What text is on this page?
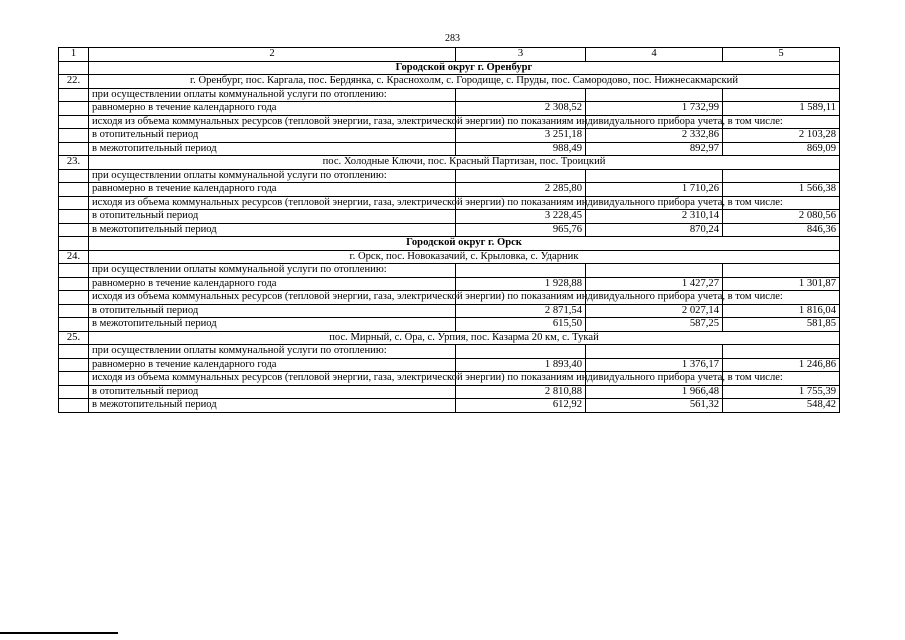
283
1	2	3	4	5
	Городской округ г. Оренбург			
22.	г. Оренбург, пос. Каргала, пос. Бердянка, с. Краснохолм, с. Городище, с. Пруды, пос. Самородово, пос. Нижнесакмарский			
	при осуществлении оплаты коммунальной услуги по отоплению:			
	равномерно в течение календарного года	2 308,52	1 732,99	1 589,11
	исходя из объема коммунальных ресурсов (тепловой энергии, газа, электрической энергии) по показаниям индивидуального прибора учета, в том числе:			
	в отопительный период	3 251,18	2 332,86	2 103,28
	в межотопительный период	988,49	892,97	869,09
23.	пос. Холодные Ключи, пос. Красный Партизан, пос. Троицкий			
	при осуществлении оплаты коммунальной услуги по отоплению:			
	равномерно в течение календарного года	2 285,80	1 710,26	1 566,38
	исходя из объема коммунальных ресурсов (тепловой энергии, газа, электрической энергии) по показаниям индивидуального прибора учета, в том числе:			
	в отопительный период	3 228,45	2 310,14	2 080,56
	в межотопительный период	965,76	870,24	846,36
	Городской округ г. Орск			
24.	г. Орск, пос. Новоказачий, с. Крыловка, с. Ударник			
	при осуществлении оплаты коммунальной услуги по отоплению:			
	равномерно в течение календарного года	1 928,88	1 427,27	1 301,87
	исходя из объема коммунальных ресурсов (тепловой энергии, газа, электрической энергии) по показаниям индивидуального прибора учета, в том числе:			
	в отопительный период	2 871,54	2 027,14	1 816,04
	в межотопительный период	615,50	587,25	581,85
25.	пос. Мирный, с. Ора, с. Урпия, пос. Казарма 20 км, с. Тукай			
	при осуществлении оплаты коммунальной услуги по отоплению:			
	равномерно в течение календарного года	1 893,40	1 376,17	1 246,86
	исходя из объема коммунальных ресурсов (тепловой энергии, газа, электрической энергии) по показаниям индивидуального прибора учета, в том числе:			
	в отопительный период	2 810,88	1 966,48	1 755,39
	в межотопительный период	612,92	561,32	548,42
